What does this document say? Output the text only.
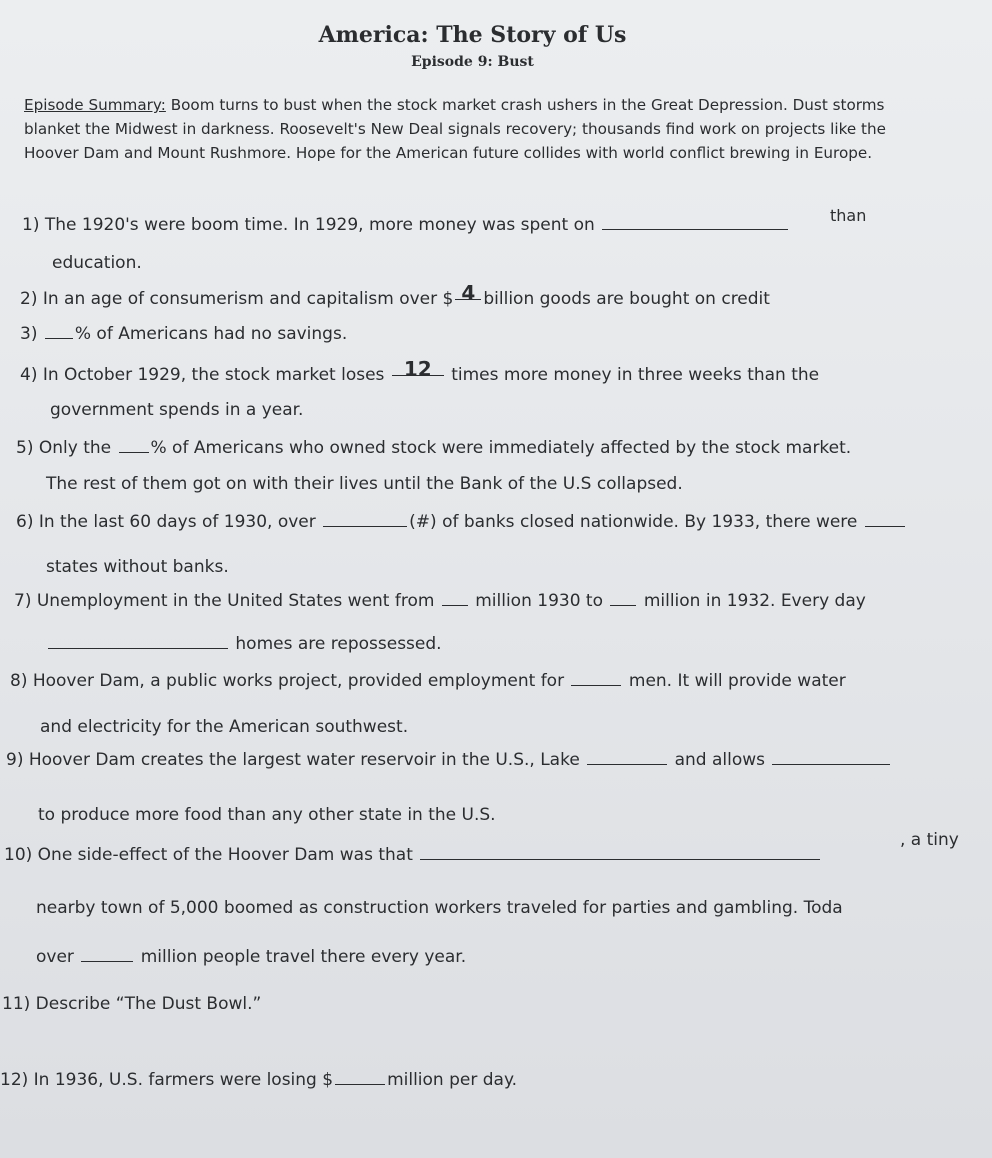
America: The Story of Us
Episode 9: Bust
Episode Summary: Boom turns to bust when the stock market crash ushers in the Great Depression. Dust storms blanket the Midwest in darkness. Roosevelt's New Deal signals recovery; thousands find work on projects like the Hoover Dam and Mount Rushmore. Hope for the American future collides with world conflict brewing in Europe.
1) The 1920's were boom time. In 1929, more money was spent on	than
education.
2) In an age of consumerism and capitalism over $ 4 billion goods are bought on credit
3) % of Americans had no savings.
4) In October 1929, the stock market loses 12 times more money in three weeks than the
government spends in a year.
5) Only the % of Americans who owned stock were immediately affected by the stock market.
The rest of them got on with their lives until the Bank of the U.S collapsed.
6) In the last 60 days of 1930, over	(#) of banks closed nationwide. By 1933, there were
states without banks.
7) Unemployment in the United States went from million 1930 to million in 1932. Every day
homes are repossessed.
8) Hoover Dam, a public works project, provided employment for	men. It will provide water
and electricity for the American southwest.
9) Hoover Dam creates the largest water reservoir in the U.S., Lake	and allows
to produce more food than any other state in the U.S.
10) One side-effect of the Hoover Dam was that
, a tiny
nearby town of 5,000 boomed as construction workers traveled for parties and gambling. Toda
over	million people travel there every year.
11) Describe “The Dust Bowl.”
12) In 1936, U.S. farmers were losing $	million per day.
